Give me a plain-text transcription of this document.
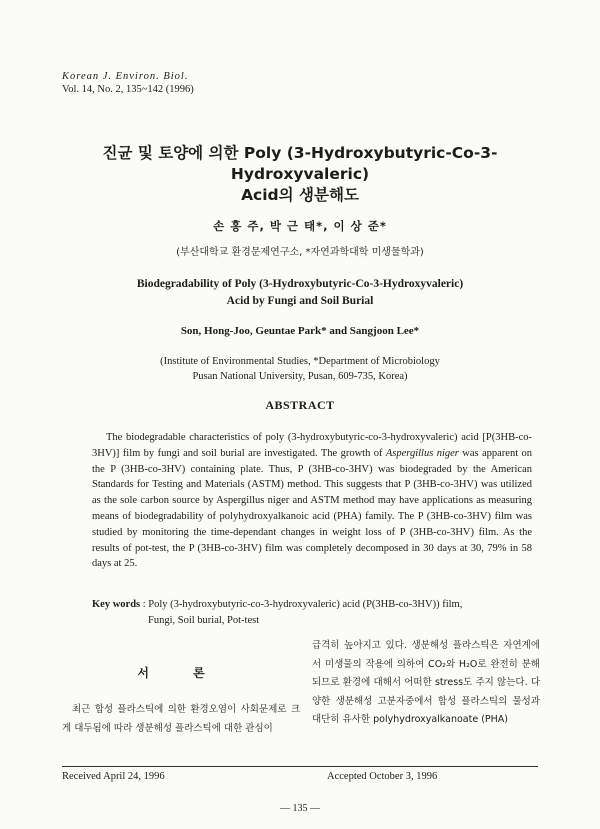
Korean J. Environ. Biol.
Vol. 14, No. 2, 135~142 (1996)
진균 및 토양에 의한 Poly (3-Hydroxybutyric-Co-3-Hydroxyvaleric)
Acid의 생분해도
손 홍 주, 박 근 태*, 이 상 준*
(부산대학교 환경문제연구소, *자연과학대학 미생물학과)
Biodegradability of Poly (3-Hydroxybutyric-Co-3-Hydroxyvaleric)
Acid by Fungi and Soil Burial
Son, Hong-Joo, Geuntae Park* and Sangjoon Lee*
(Institute of Environmental Studies, *Department of Microbiology
Pusan National University, Pusan, 609-735, Korea)
ABSTRACT

The biodegradable characteristics of poly (3-hydroxybutyric-co-3-hydroxyvaleric) acid [P(3HB-co-3HV)] film by fungi and soil burial are investigated. The growth of Aspergillus niger was apparent on the P (3HB-co-3HV) containing plate. Thus, P (3HB-co-3HV) was biodegraded by the American Standards for Testing and Materials (ASTM) method. This suggests that P (3HB-co-3HV) was utilized as the sole carbon source by Aspergillus niger and ASTM method may have applications as measuring means of biodegradability of polyhydroxyalkanoic acid (PHA) family. The P (3HB-co-3HV) film was studied by monitoring the time-dependant changes in weight loss of P (3HB-co-3HV) film. As the results of pot-test, the P (3HB-co-3HV) film was completely decomposed in 30 days at 30, 79% in 58 days at 25.

Key words : Poly (3-hydroxybutyric-co-3-hydroxyvaleric) acid (P(3HB-co-3HV)) film,
Fungi, Soil burial, Pot-test
서 론
최근 합성 플라스틱에 의한 환경오염이 사회문제로 크게 대두됨에 따라 생분해성 플라스틱에 대한 관심이
급격히 높아지고 있다. 생분해성 플라스틱은 자연계에서 미생물의 작용에 의하여 CO₂와 H₂O로 완전히 분해되므로 환경에 대해서 어떠한 stress도 주지 않는다. 다양한 생분해성 고분자중에서 합성 플라스틱의 물성과 대단히 유사한 polyhydroxyalkanoate (PHA)
Received April 24, 1996	Accepted October 3, 1996
— 135 —
